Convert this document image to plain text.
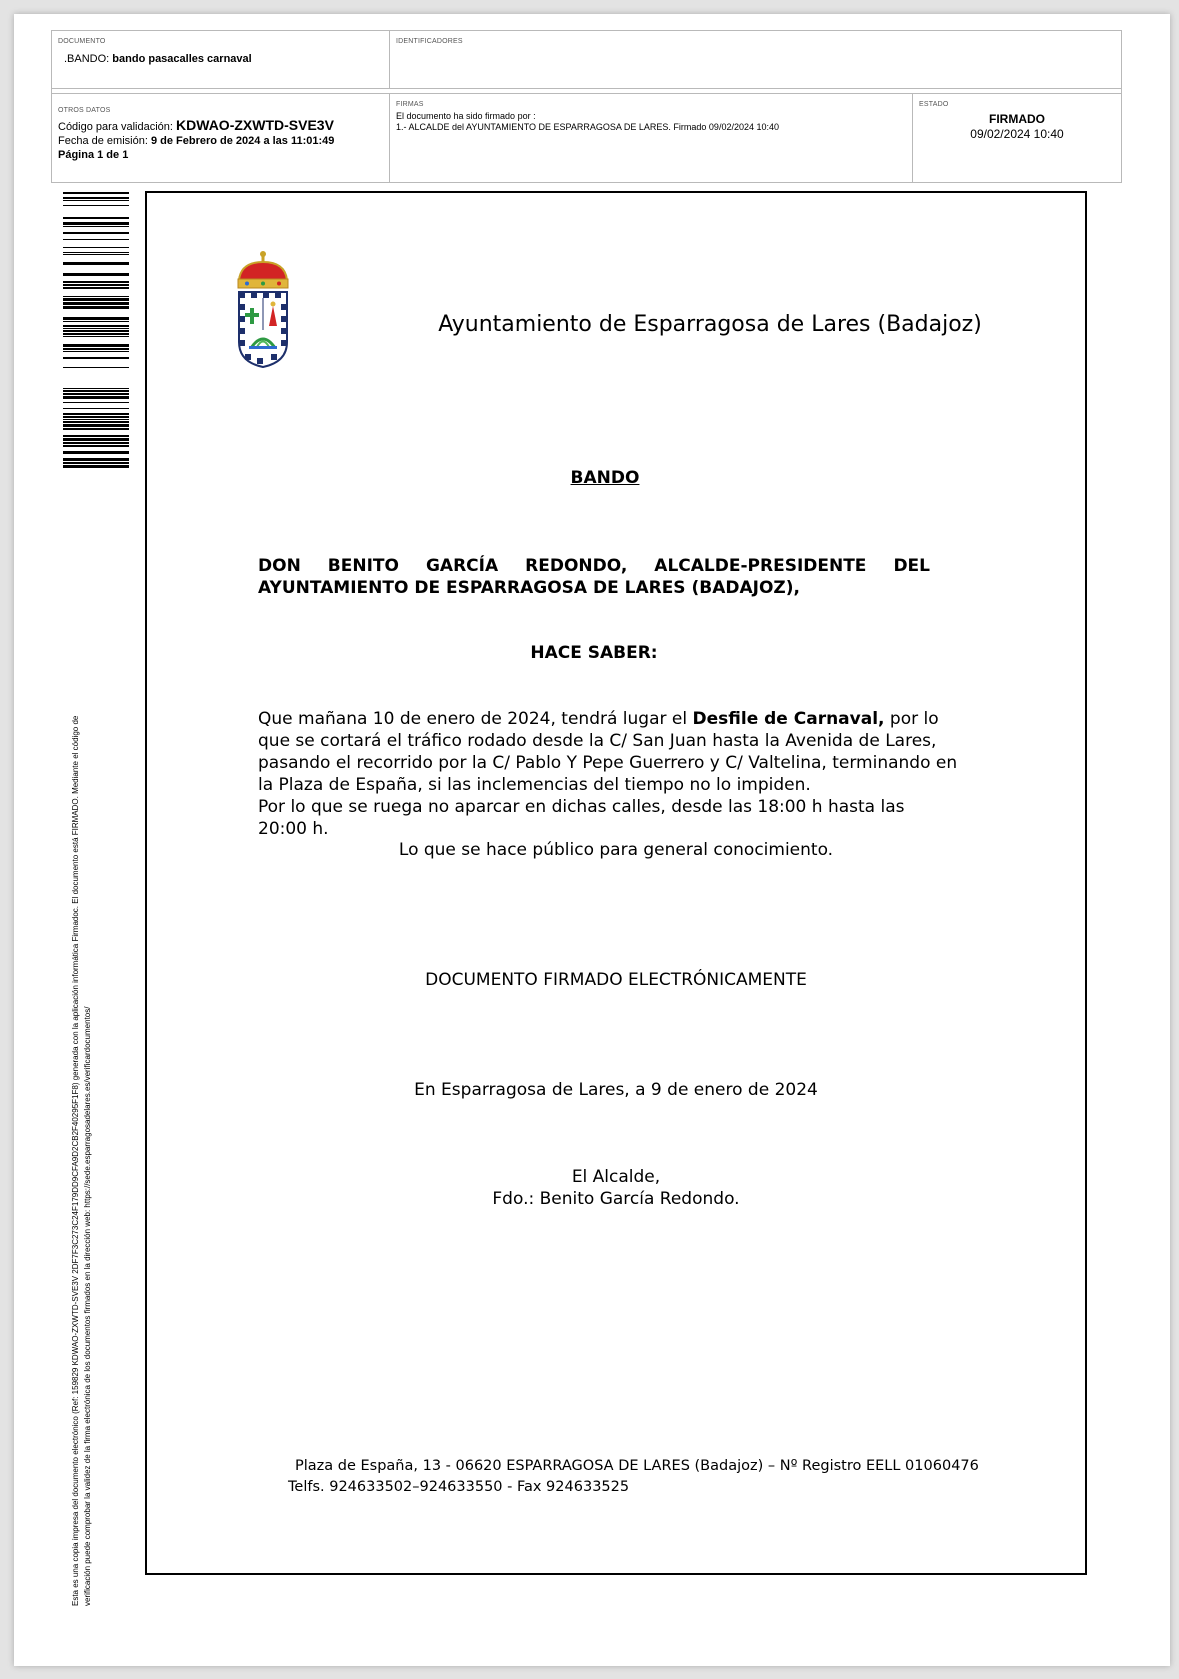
DOCUMENTO
.BANDO: bando pasacalles carnaval
IDENTIFICADORES
OTROS DATOS
Código para validación: KDWAO-ZXWTD-SVE3V
Fecha de emisión: 9 de Febrero de 2024 a las 11:01:49
Página 1 de 1
FIRMAS
El documento ha sido firmado por :
1.- ALCALDE del AYUNTAMIENTO DE ESPARRAGOSA DE LARES. Firmado 09/02/2024 10:40
ESTADO
FIRMADO
09/02/2024 10:40
Esta es una copia impresa del documento electrónico (Ref: 159829 KDWAO-ZXWTD-SVE3V 2DF7F3C273C24F179DD9CFA9D2CB2F40295F1F8) generada con la aplicación informática Firmadoc. El documento está FIRMADO. Mediante el código de verificación puede comprobar la validez de la firma electrónica de los documentos firmados en la dirección web: https://sede.esparragosadelares.es/verificardocumentos/
Ayuntamiento de Esparragosa de Lares (Badajoz)
BANDO
DON BENITO GARCÍA REDONDO, ALCALDE-PRESIDENTE DEL
AYUNTAMIENTO DE ESPARRAGOSA DE LARES (BADAJOZ),
HACE SABER:
Que mañana 10 de enero de 2024, tendrá lugar el Desfile de Carnaval, por lo que se cortará el tráfico rodado desde la C/ San Juan hasta la Avenida de Lares, pasando el recorrido por la C/ Pablo Y Pepe Guerrero y C/ Valtelina, terminando en la Plaza de España, si las inclemencias del tiempo no lo impiden.
Por lo que se ruega no aparcar en dichas calles, desde las 18:00 h hasta las 20:00 h.
Lo que se hace público para general conocimiento.
DOCUMENTO FIRMADO ELECTRÓNICAMENTE
En Esparragosa de Lares, a 9 de enero de 2024
El Alcalde,
Fdo.: Benito García Redondo.
Plaza de España, 13 - 06620 ESPARRAGOSA DE LARES (Badajoz) – Nº Registro EELL 01060476
Telfs. 924633502–924633550 - Fax 924633525
